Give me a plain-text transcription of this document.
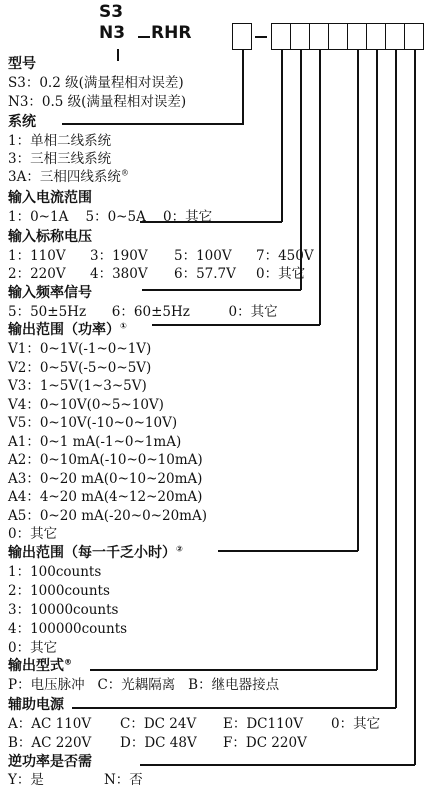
S3
N3 RHR
型号
S3：0.2 级(满量程相对误差)
N3：0.5 级(满量程相对误差)
系统
1：单相二线系统
3：三相三线系统
3A：三相四线系统®
输入电流范围
1：0~1A    5：0~5A    0：其它
输入标称电压
1：110V 3：190V 5：100V 7：450V
2：220V 4：380V 6：57.7V 0：其它
输入频率信号
5：50±5Hz      6：60±5Hz         0：其它
输出范围（功率）①
V1：0~1V(-1~0~1V)
V2：0~5V(-5~0~5V)
V3：1~5V(1~3~5V)
V4：0~10V(0~5~10V)
V5：0~10V(-10~0~10V)
A1：0~1 mA(-1~0~1mA)
A2：0~10mA(-10~0~10mA)
A3：0~20 mA(0~10~20mA)
A4：4~20 mA(4~12~20mA)
A5：0~20 mA(-20~0~20mA)
0：其它
输出范围（每一千乏小时）②
1：100counts
2：1000counts
3：10000counts
4：100000counts
0：其它
输出型式®
P：电压脉冲   C：光耦隔离   B：继电器接点
辅助电源
A：AC 110V C：DC 24V E：DC110V 0：其它
B：AC 220V D：DC 48V F：DC 220V
逆功率是否需
Y：是              N：否
